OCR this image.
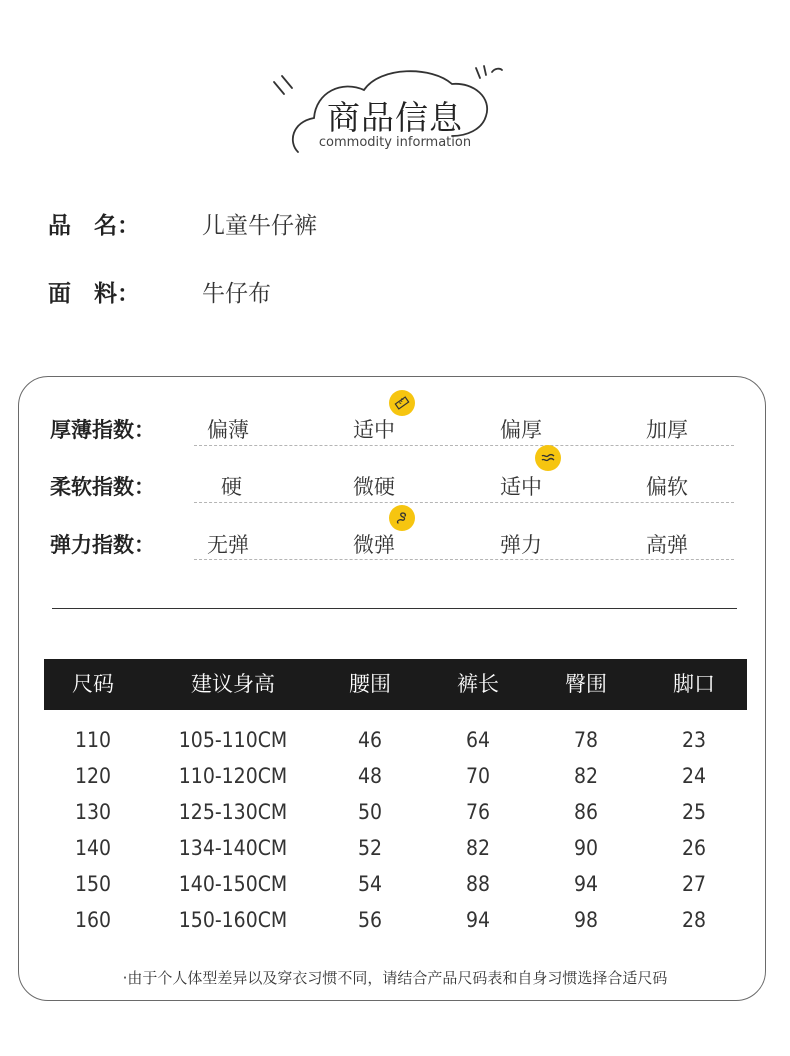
商品信息
commodity information
品　名：	儿童牛仔裤
面　料：	牛仔布
厚薄指数： 偏薄	适中	偏厚	加厚
柔软指数：	硬	微硬	适中	偏软
弹力指数： 无弹	微弹	弹力	高弹
尺码	建议身高	腰围	裤长	臀围	脚口
110	105-110CM	46	64	78	23
120	110-120CM	48	70	82	24
130	125-130CM	50	76	86	25
140	134-140CM	52	82	90	26
150	140-150CM	54	88	94	27
160	150-160CM	56	94	98	28
·由于个人体型差异以及穿衣习惯不同，请结合产品尺码表和自身习惯选择合适尺码
